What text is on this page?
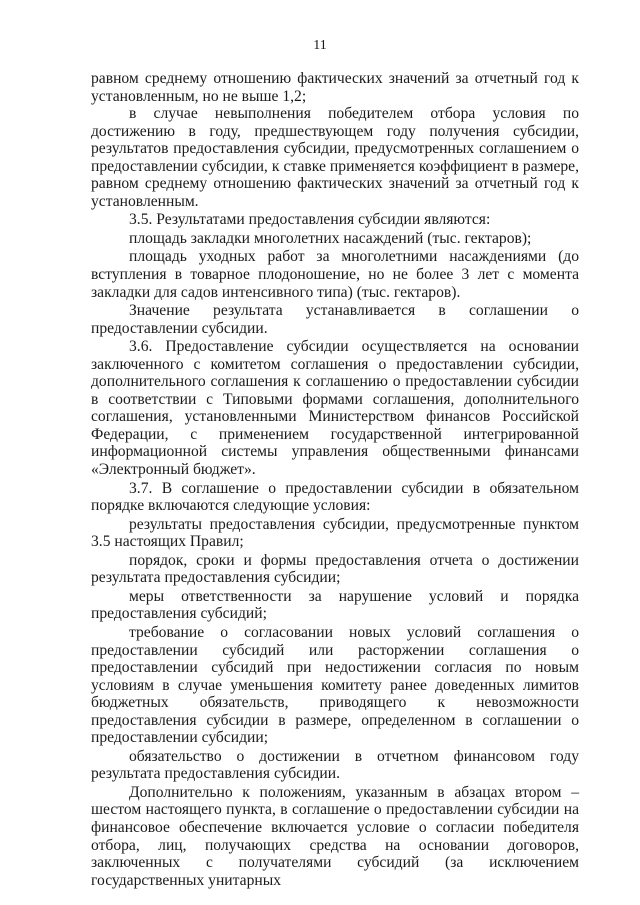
11

равном среднему отношению фактических значений за отчетный год к установленным, но не выше 1,2;

в случае невыполнения победителем отбора условия по достижению в году, предшествующем году получения субсидии, результатов предоставления субсидии, предусмотренных соглашением о предоставлении субсидии, к ставке применяется коэффициент в размере, равном среднему отношению фактических значений за отчетный год к установленным.

3.5. Результатами предоставления субсидии являются:

площадь закладки многолетних насаждений (тыс. гектаров);

площадь уходных работ за многолетними насаждениями (до вступления в товарное плодоношение, но не более 3 лет с момента закладки для садов интенсивного типа) (тыс. гектаров).

Значение результата устанавливается в соглашении о предоставлении субсидии.

3.6. Предоставление субсидии осуществляется на основании заключенного с комитетом соглашения о предоставлении субсидии, дополнительного соглашения к соглашению о предоставлении субсидии в соответствии с Типовыми формами соглашения, дополнительного соглашения, установленными Министерством финансов Российской Федерации, с применением государственной интегрированной информационной системы управления общественными финансами «Электронный бюджет».

3.7. В соглашение о предоставлении субсидии в обязательном порядке включаются следующие условия:

результаты предоставления субсидии, предусмотренные пунктом 3.5 настоящих Правил;

порядок, сроки и формы предоставления отчета о достижении результата предоставления субсидии;

меры ответственности за нарушение условий и порядка предоставления субсидий;

требование о согласовании новых условий соглашения о предоставлении субсидий или расторжении соглашения о предоставлении субсидий при недостижении согласия по новым условиям в случае уменьшения комитету ранее доведенных лимитов бюджетных обязательств, приводящего к невозможности предоставления субсидии в размере, определенном в соглашении о предоставлении субсидии;

обязательство о достижении в отчетном финансовом году результата предоставления субсидии.

Дополнительно к положениям, указанным в абзацах втором – шестом настоящего пункта, в соглашение о предоставлении субсидии на финансовое обеспечение включается условие о согласии победителя отбора, лиц, получающих средства на основании договоров, заключенных с получателями субсидий (за исключением государственных унитарных
